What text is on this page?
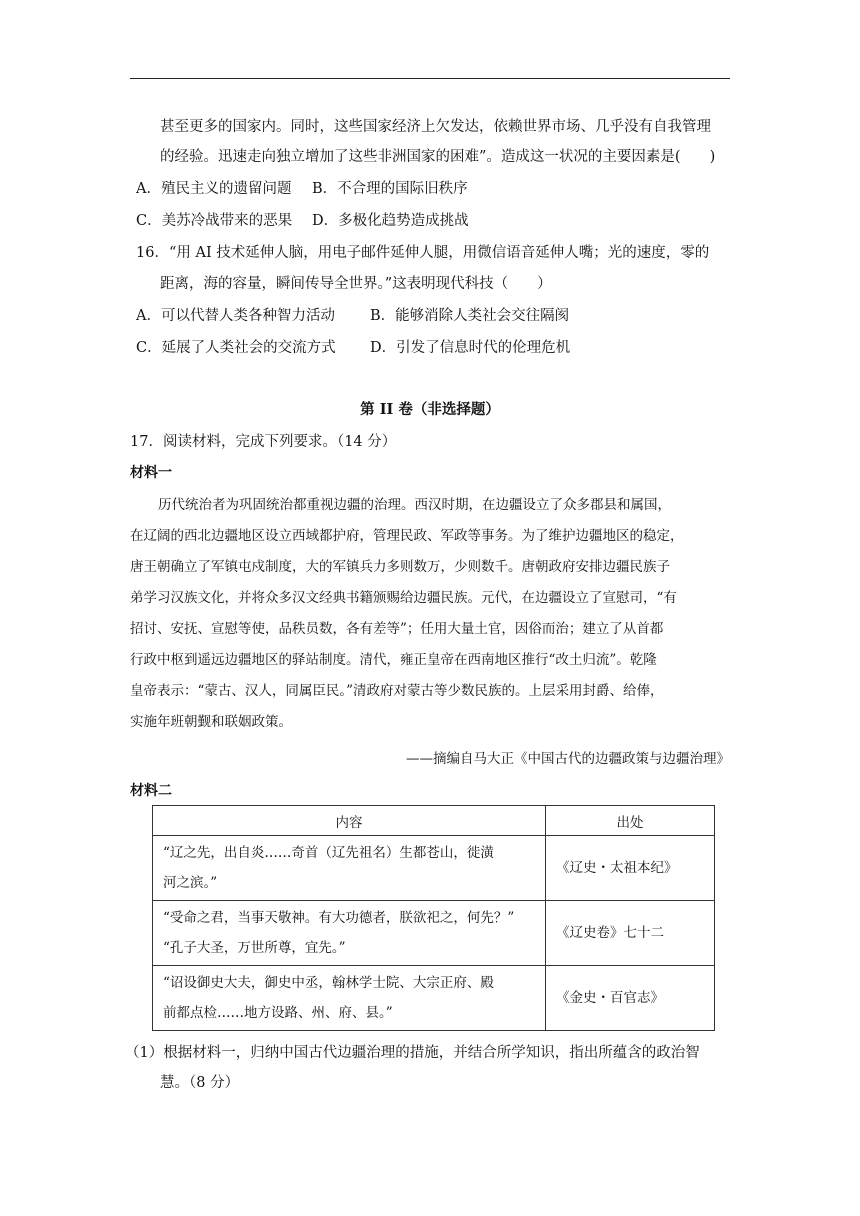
甚至更多的国家内。同时，这些国家经济上欠发达，依赖世界市场、几乎没有自我管理
的经验。迅速走向独立增加了这些非洲国家的困难”。造成这一状况的主要因素是(　　)
A．殖民主义的遗留问题 B．不合理的国际旧秩序
C．美苏冷战带来的恶果 D．多极化趋势造成挑战
16．“用 AI 技术延伸人脑，用电子邮件延伸人腿，用微信语音延伸人嘴；光的速度，零的
距离，海的容量，瞬间传导全世界。”这表明现代科技（　　）
A．可以代替人类各种智力活动 B．能够消除人类社会交往隔阂
C．延展了人类社会的交流方式 D．引发了信息时代的伦理危机
第 II 卷（非选择题）
17．阅读材料，完成下列要求。（14 分）
材料一
历代统治者为巩固统治都重视边疆的治理。西汉时期，在边疆设立了众多郡县和属国，
在辽阔的西北边疆地区设立西域都护府，管理民政、军政等事务。为了维护边疆地区的稳定，
唐王朝确立了军镇屯戍制度，大的军镇兵力多则数万，少则数千。唐朝政府安排边疆民族子
弟学习汉族文化，并将众多汉文经典书籍颁赐给边疆民族。元代，在边疆设立了宣慰司，“有
招讨、安抚、宣慰等使，品秩员数，各有差等”；任用大量土官，因俗而治；建立了从首都
行政中枢到遥远边疆地区的驿站制度。清代，雍正皇帝在西南地区推行“改土归流”。乾隆
皇帝表示：“蒙古、汉人，同属臣民。”清政府对蒙古等少数民族的。上层采用封爵、给俸，
实施年班朝觐和联姻政策。
——摘编自马大正《中国古代的边疆政策与边疆治理》
材料二
内容	出处

“辽之先，出自炎……奇首（辽先祖名）生都苍山，徙潢
河之滨。”	《辽史・太祖本纪》

“受命之君，当事天敬神。有大功德者，朕欲祀之，何先？”
“孔子大圣，万世所尊，宜先。”	《辽史卷》七十二

“诏设御史大夫，御史中丞，翰林学士院、大宗正府、殿
前都点检……地方设路、州、府、县。”	《金史・百官志》
（1）根据材料一，归纳中国古代边疆治理的措施，并结合所学知识，指出所蕴含的政治智
慧。（8 分）
